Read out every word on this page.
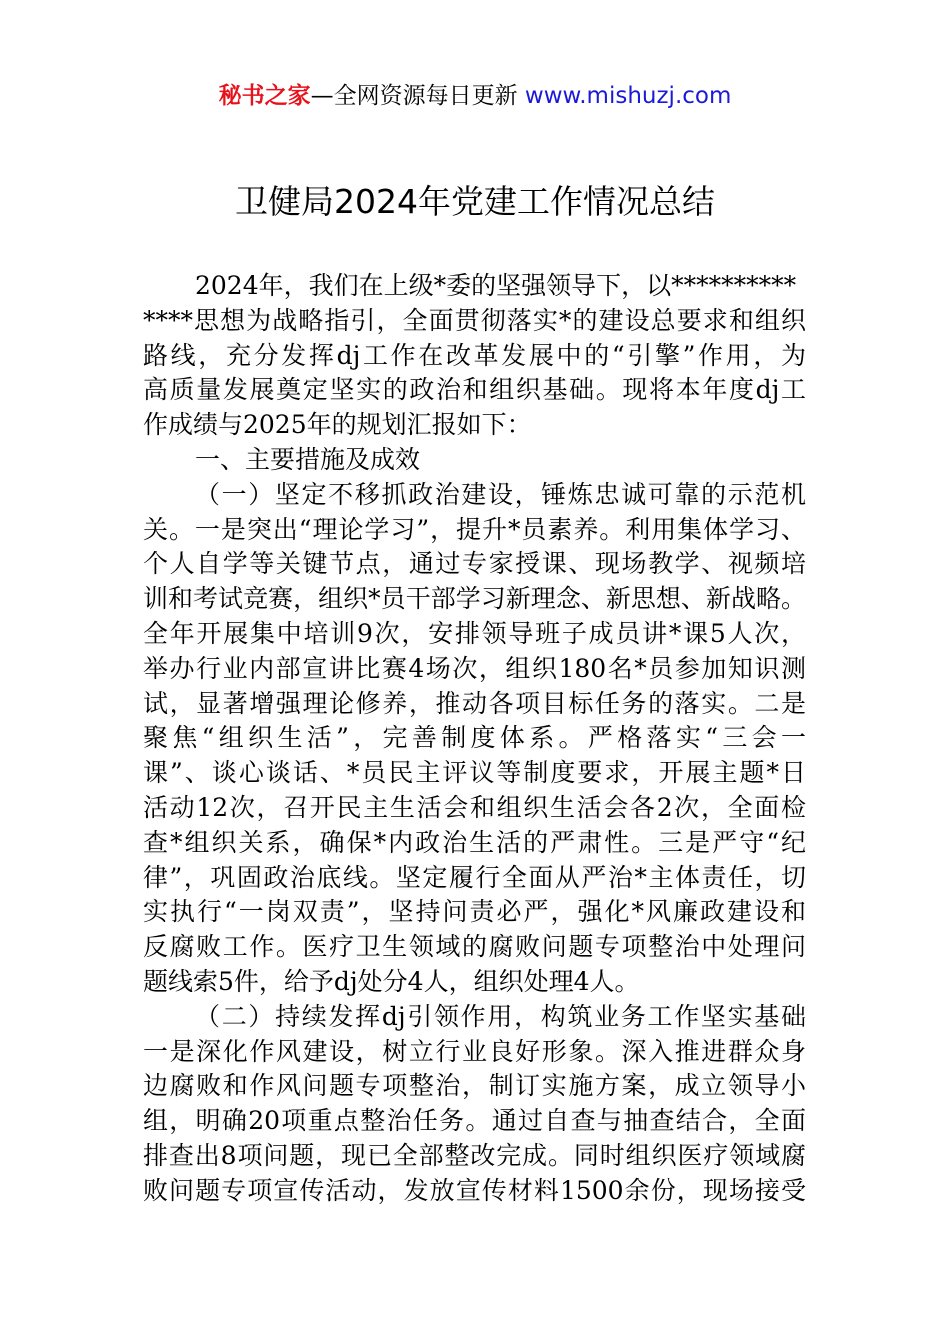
秘书之家—全网资源每日更新 www.mishuzj.com
卫健局2024年党建工作情况总结
2024年，我们在上级*委的坚强领导下，以**********
****思想为战略指引，全面贯彻落实*的建设总要求和组织
路线，充分发挥dj工作在改革发展中的“引擎”作用，为
高质量发展奠定坚实的政治和组织基础。现将本年度dj工
作成绩与2025年的规划汇报如下：
一、主要措施及成效
（一）坚定不移抓政治建设，锤炼忠诚可靠的示范机
关。一是突出“理论学习”，提升*员素养。利用集体学习、
个人自学等关键节点，通过专家授课、现场教学、视频培
训和考试竞赛，组织*员干部学习新理念、新思想、新战略。
全年开展集中培训9次，安排领导班子成员讲*课5人次，
举办行业内部宣讲比赛4场次，组织180名*员参加知识测
试，显著增强理论修养，推动各项目标任务的落实。二是
聚焦“组织生活”，完善制度体系。严格落实“三会一
课”、谈心谈话、*员民主评议等制度要求，开展主题*日
活动12次，召开民主生活会和组织生活会各2次，全面检
查*组织关系，确保*内政治生活的严肃性。三是严守“纪
律”，巩固政治底线。坚定履行全面从严治*主体责任，切
实执行“一岗双责”，坚持问责必严，强化*风廉政建设和
反腐败工作。医疗卫生领域的腐败问题专项整治中处理问
题线索5件，给予dj处分4人，组织处理4人。
（二）持续发挥dj引领作用，构筑业务工作坚实基础
一是深化作风建设，树立行业良好形象。深入推进群众身
边腐败和作风问题专项整治，制订实施方案，成立领导小
组，明确20项重点整治任务。通过自查与抽查结合，全面
排查出8项问题，现已全部整改完成。同时组织医疗领域腐
败问题专项宣传活动，发放宣传材料1500余份，现场接受
